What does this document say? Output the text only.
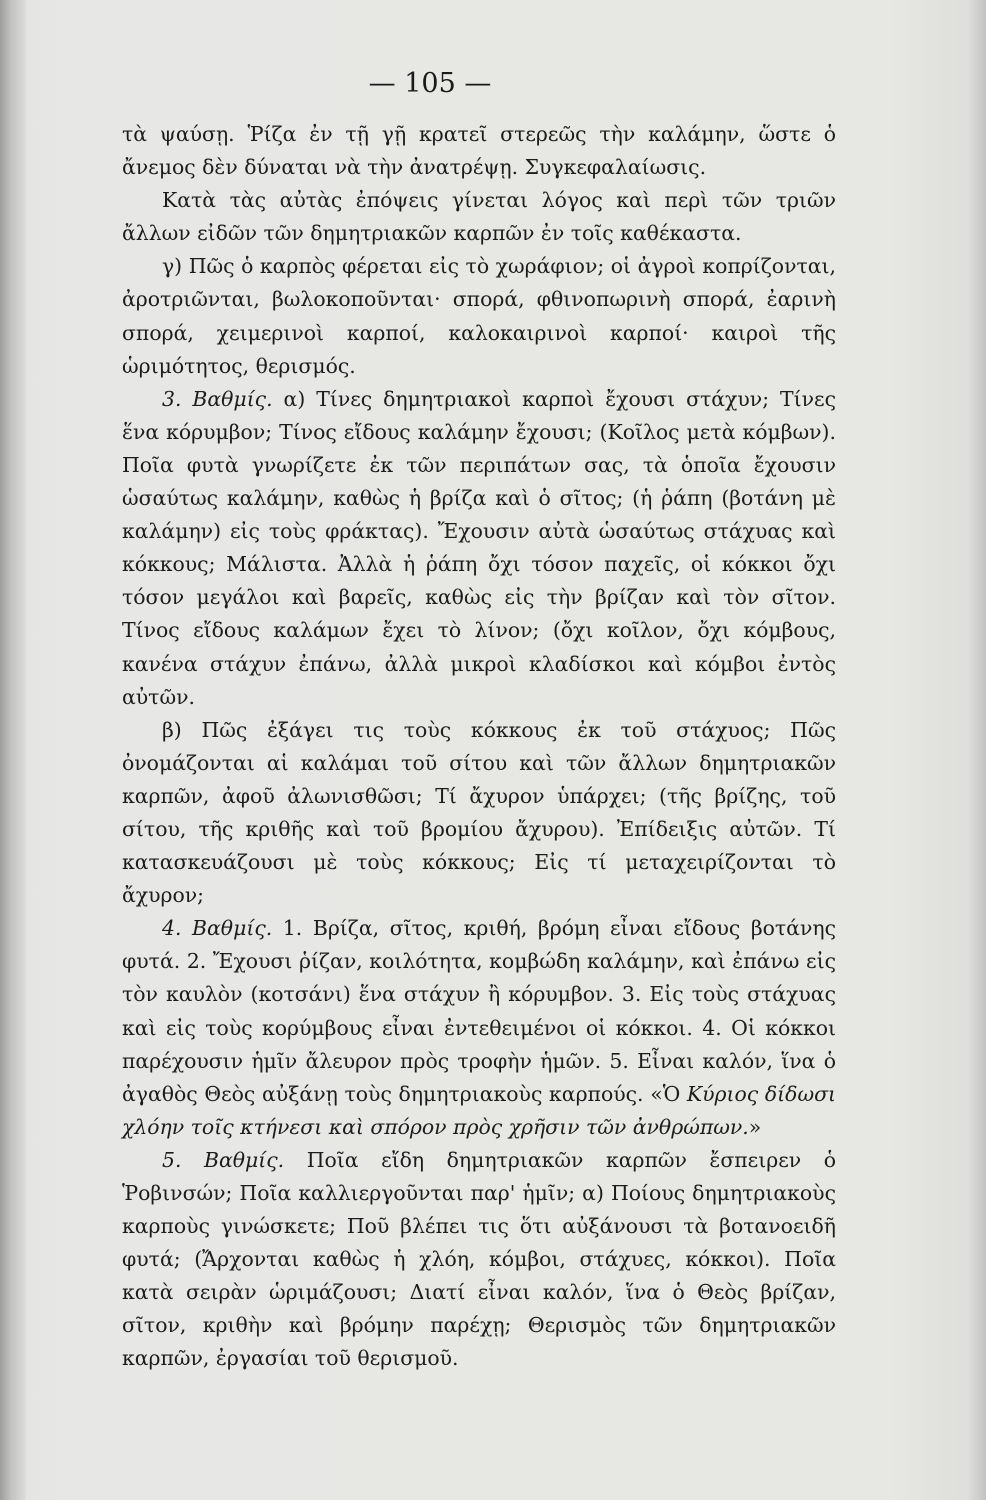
— 105 —

τὰ ψαύσῃ. Ῥίζα ἐν τῇ γῇ κρατεῖ στερεῶς τὴν καλάμην, ὥστε ὁ ἄνεμος δὲν δύναται νὰ τὴν ἀνατρέψῃ. Συγκεφαλαίωσις.

Κατὰ τὰς αὐτὰς ἐπόψεις γίνεται λόγος καὶ περὶ τῶν τριῶν ἄλλων εἰδῶν τῶν δημητριακῶν καρπῶν ἐν τοῖς καθέκαστα.

γ) Πῶς ὁ καρπὸς φέρεται εἰς τὸ χωράφιον; οἱ ἀγροὶ κοπρίζονται, ἀροτριῶνται, βωλοκοποῦνται· σπορά, φθινοπωρινὴ σπορά, ἐαρινὴ σπορά, χειμερινοὶ καρποί, καλοκαιρινοὶ καρποί· καιροὶ τῆς ὡριμότητος, θερισμός.

3. Βαθμίς. α) Τίνες δημητριακοὶ καρποὶ ἔχουσι στάχυν; Τίνες ἕνα κόρυμβον; Τίνος εἴδους καλάμην ἔχουσι; (Κοῖλος μετὰ κόμβων). Ποῖα φυτὰ γνωρίζετε ἐκ τῶν περιπάτων σας, τὰ ὁποῖα ἔχουσιν ὡσαύτως καλάμην, καθὼς ἡ βρίζα καὶ ὁ σῖτος; (ἡ ῥάπη (βοτάνη μὲ καλάμην) εἰς τοὺς φράκτας). Ἔχουσιν αὐτὰ ὡσαύτως στάχυας καὶ κόκκους; Μάλιστα. Ἀλλὰ ἡ ῥάπη ὄχι τόσον παχεῖς, οἱ κόκκοι ὄχι τόσον μεγάλοι καὶ βαρεῖς, καθὼς εἰς τὴν βρίζαν καὶ τὸν σῖτον. Τίνος εἴδους καλάμων ἔχει τὸ λίνον; (ὄχι κοῖλον, ὄχι κόμβους, κανένα στάχυν ἐπάνω, ἀλλὰ μικροὶ κλαδίσκοι καὶ κόμβοι ἐντὸς αὐτῶν.

β) Πῶς ἐξάγει τις τοὺς κόκκους ἐκ τοῦ στάχυος; Πῶς ὀνομάζονται αἱ καλάμαι τοῦ σίτου καὶ τῶν ἄλλων δημητριακῶν καρπῶν, ἀφοῦ ἀλωνισθῶσι; Τί ἄχυρον ὑπάρχει; (τῆς βρίζης, τοῦ σίτου, τῆς κριθῆς καὶ τοῦ βρομίου ἄχυρου). Ἐπίδειξις αὐτῶν. Τί κατασκευάζουσι μὲ τοὺς κόκκους; Εἰς τί μεταχειρίζονται τὸ ἄχυρον;

4. Βαθμίς. 1. Βρίζα, σῖτος, κριθή, βρόμη εἶναι εἴδους βοτάνης φυτά. 2. Ἔχουσι ῥίζαν, κοιλότητα, κομβώδη καλάμην, καὶ ἐπάνω εἰς τὸν καυλὸν (κοτσάνι) ἕνα στάχυν ἢ κόρυμβον. 3. Εἰς τοὺς στάχυας καὶ εἰς τοὺς κορύμβους εἶναι ἐντεθειμένοι οἱ κόκκοι. 4. Οἱ κόκκοι παρέχουσιν ἡμῖν ἄλευρον πρὸς τροφὴν ἡμῶν. 5. Εἶναι καλόν, ἵνα ὁ ἀγαθὸς Θεὸς αὐξάνῃ τοὺς δημητριακοὺς καρπούς. «Ὁ Κύριος δίδωσι χλόην τοῖς κτήνεσι καὶ σπόρον πρὸς χρῆσιν τῶν ἀνθρώπων.»

5. Βαθμίς. Ποῖα εἴδη δημητριακῶν καρπῶν ἔσπειρεν ὁ Ῥοβινσών; Ποῖα καλλιεργοῦνται παρ' ἡμῖν; α) Ποίους δημητριακοὺς καρποὺς γινώσκετε; Ποῦ βλέπει τις ὅτι αὐξάνουσι τὰ βοτανοειδῆ φυτά; (Ἄρχονται καθὼς ἡ χλόη, κόμβοι, στάχυες, κόκκοι). Ποῖα κατὰ σειρὰν ὡριμάζουσι; Διατί εἶναι καλόν, ἵνα ὁ Θεὸς βρίζαν, σῖτον, κριθὴν καὶ βρόμην παρέχῃ; Θερισμὸς τῶν δημητριακῶν καρπῶν, ἐργασίαι τοῦ θερισμοῦ.
